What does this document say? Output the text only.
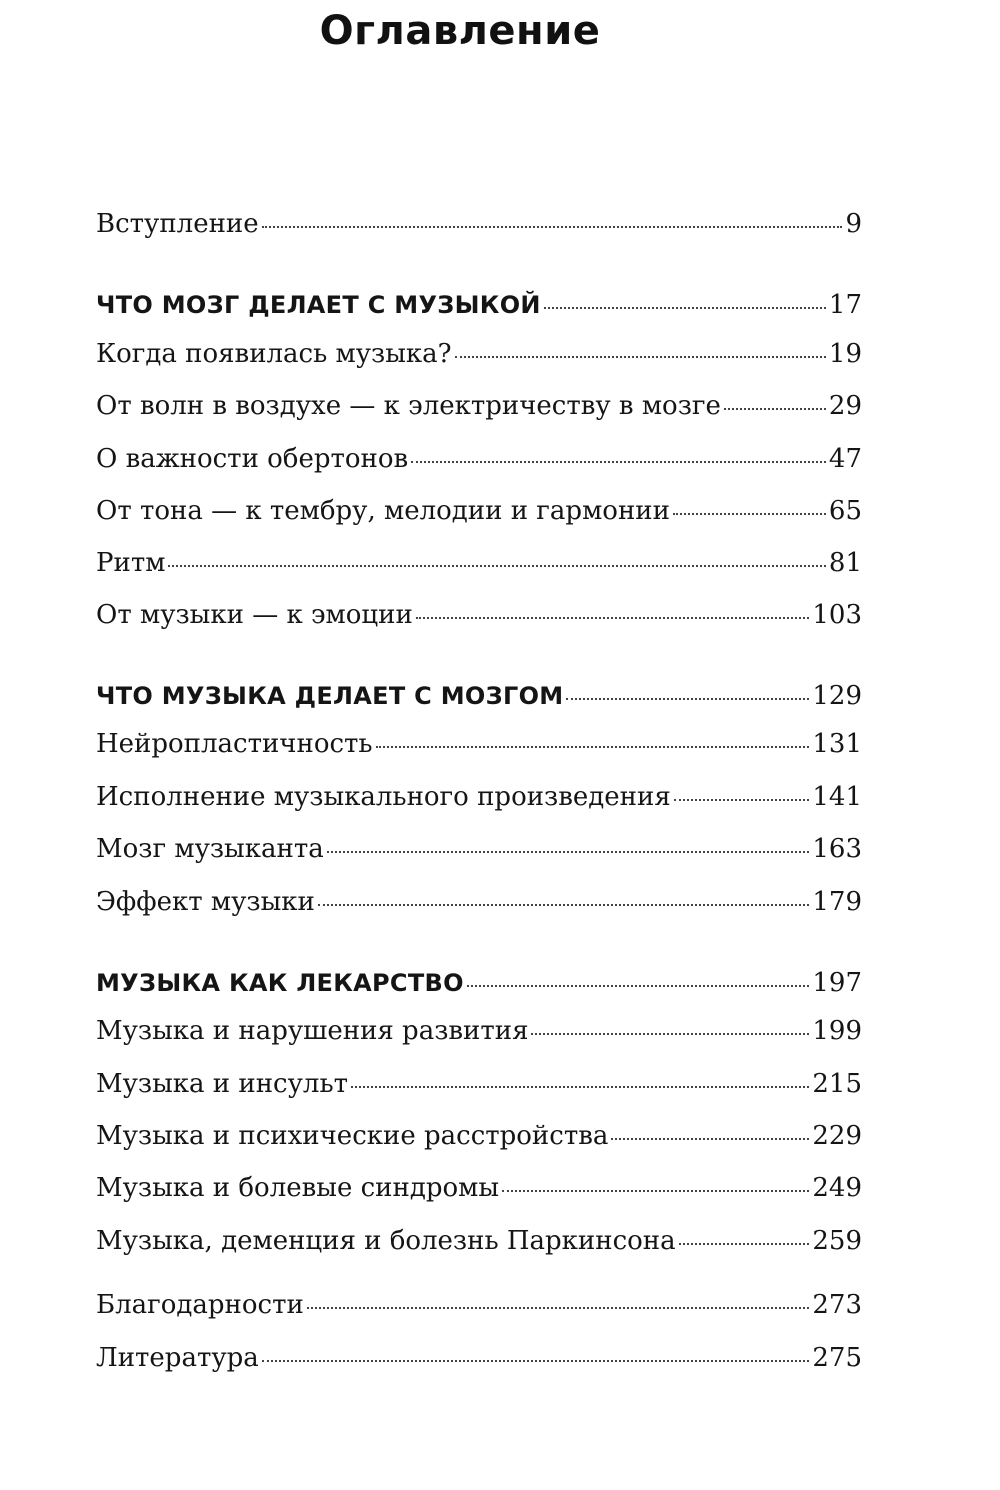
Оглавление
Вступление	9
ЧТО МОЗГ ДЕЛАЕТ С МУЗЫКОЙ	17
Когда появилась музыка?	19
От волн в воздухе — к электричеству в мозге	29
О важности обертонов	47
От тона — к тембру, мелодии и гармонии	65
Ритм	81
От музыки — к эмоции	103
ЧТО МУЗЫКА ДЕЛАЕТ С МОЗГОМ	129
Нейропластичность	131
Исполнение музыкального произведения	141
Мозг музыканта	163
Эффект музыки	179
МУЗЫКА КАК ЛЕКАРСТВО	197
Музыка и нарушения развития	199
Музыка и инсульт	215
Музыка и психические расстройства	229
Музыка и болевые синдромы	249
Музыка, деменция и болезнь Паркинсона	259
Благодарности	273
Литература	275
